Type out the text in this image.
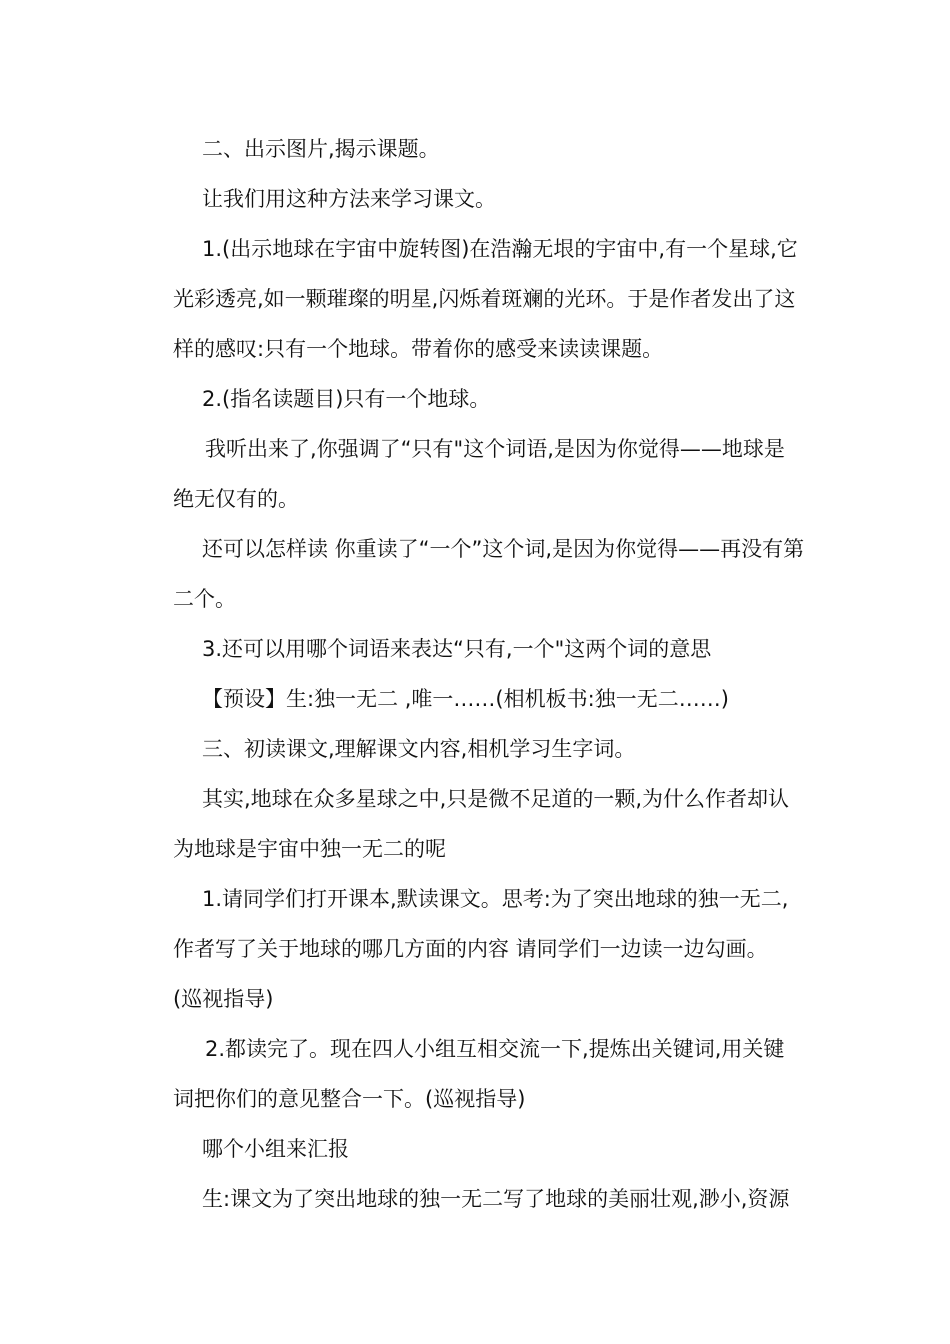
二、出示图片,揭示课题。
让我们用这种方法来学习课文。
1.(出示地球在宇宙中旋转图)在浩瀚无垠的宇宙中,有一个星球,它
光彩透亮,如一颗璀璨的明星,闪烁着斑斓的光环。于是作者发出了这
样的感叹:只有一个地球。带着你的感受来读读课题。
2.(指名读题目)只有一个地球。
我听出来了,你强调了“只有"这个词语,是因为你觉得——地球是
绝无仅有的。
还可以怎样读 你重读了“一个”这个词,是因为你觉得——再没有第
二个。
3.还可以用哪个词语来表达“只有,一个"这两个词的意思
【预设】生:独一无二 ,唯一……(相机板书:独一无二……)
三、初读课文,理解课文内容,相机学习生字词。
其实,地球在众多星球之中,只是微不足道的一颗,为什么作者却认
为地球是宇宙中独一无二的呢
1.请同学们打开课本,默读课文。思考:为了突出地球的独一无二,
作者写了关于地球的哪几方面的内容 请同学们一边读一边勾画。
(巡视指导)
2.都读完了。现在四人小组互相交流一下,提炼出关键词,用关键
词把你们的意见整合一下。(巡视指导)
哪个小组来汇报
生:课文为了突出地球的独一无二写了地球的美丽壮观,渺小,资源
